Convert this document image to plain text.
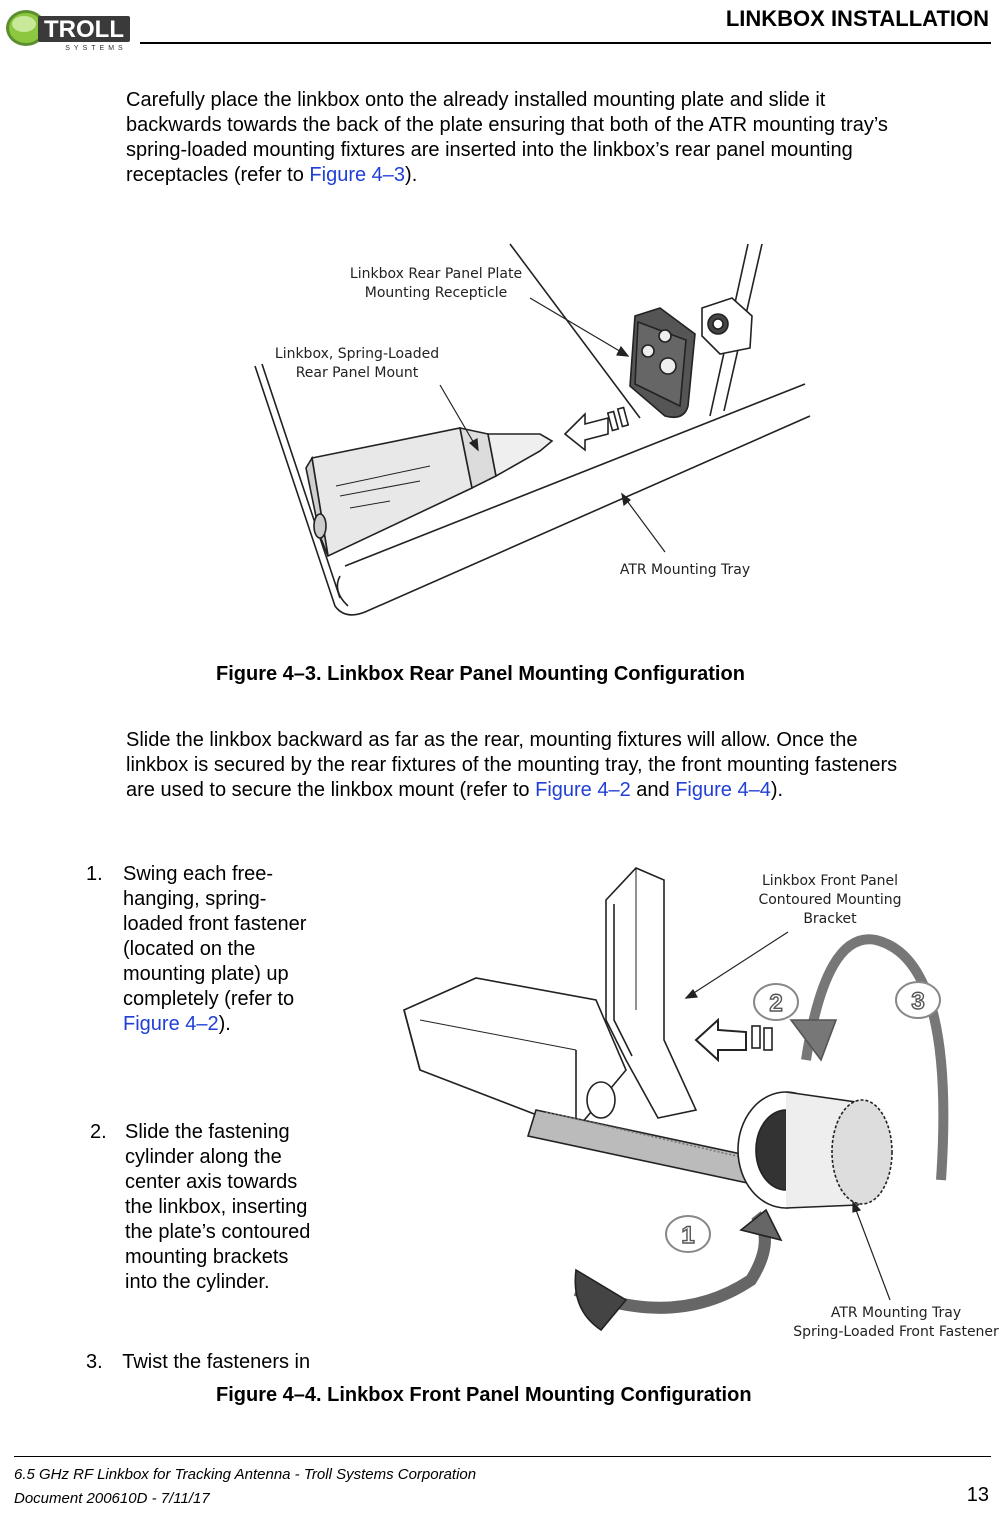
TROLL
SYSTEMS
LINKBOX INSTALLATION
Carefully place the linkbox onto the already installed mounting plate and slide it
backwards towards the back of the plate ensuring that both of the ATR mounting tray’s
spring-loaded mounting fixtures are inserted into the linkbox’s rear panel mounting
receptacles (refer to Figure 4–3).
Linkbox Rear Panel Plate
Mounting Recepticle
Linkbox, Spring-Loaded
Rear Panel Mount
ATR Mounting Tray
Figure 4–3. Linkbox Rear Panel Mounting Configuration
Slide the linkbox backward as far as the rear, mounting fixtures will allow. Once the
linkbox is secured by the rear fixtures of the mounting tray, the front mounting fasteners
are used to secure the linkbox mount (refer to Figure 4–2 and Figure 4–4).
1. Swing each free-
hanging, spring-
loaded front fastener
(located on the
mounting plate) up
completely (refer to
Figure 4–2).
2. Slide the fastening
cylinder along the
center axis towards
the linkbox, inserting
the plate’s contoured
mounting brackets
into the cylinder.
3. Twist the fasteners in
2	3
1
Linkbox Front Panel
Contoured Mounting
Bracket
ATR Mounting Tray
Spring-Loaded Front Fastener
Figure 4–4. Linkbox Front Panel Mounting Configuration
6.5 GHz RF Linkbox for Tracking Antenna - Troll Systems Corporation
Document 200610D - 7/11/17	13
